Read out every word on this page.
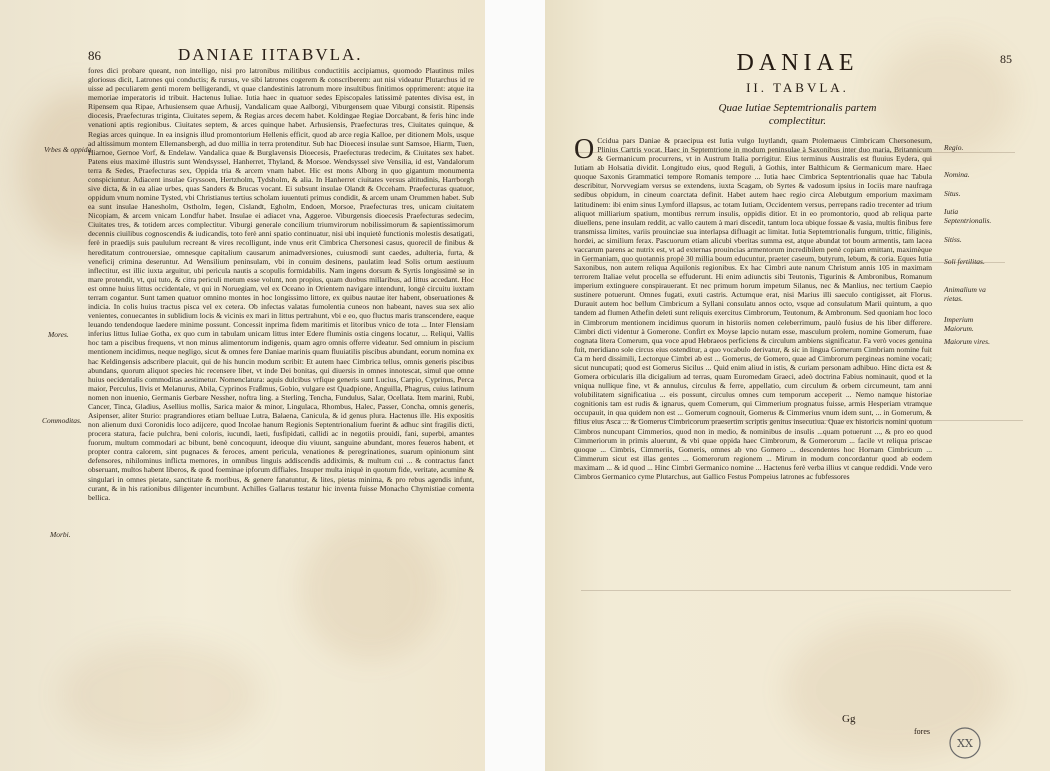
86	DANIAE IITABVLA.
fores dici probare queant, non intelligo, nisi pro latronibus militibus conductitiis accipiamus, quomodo Plautinus miles gloriosus dicit, Latrones qui conductis; & rursus, ve sibi latrones cogerem & conscriberem: aut nisi videatur Plutarchus id re uisse ad peculiarem genti morem belligerandi, vt quae clandestinis latronum more insultibus finitimos opprimerent: atque ita memoriae imperatoris id tribuit. Hactenus Iuliae. Iutia haec in quatuor sedes Episcopales latissimè patentes divisa est, in Ripensem qua Ripae, Arhusiensem quae Arhusij, Vandalicam quae Aalborgi, Viburgensem quae Viburgi consistit. Ripensis diocesis, Praefecturas triginta, Ciuitates sepem, & Regias arces decem habet. Koldingae Regiae Dorcabant, & feris hinc inde venationi aptis regionibus. Ciuitates septem, & arces quinque habet. Arhusiensis, Praefecturas tres, Ciuitates quinque, & Regias arces quinque. In ea insignis illud promontorium Hellenis efficit, quod ab arce regia Kalloe, per ditionem Mols, usque ad altissimum montem Ellemansbergh, ad duo millia in terra protenditur. Sub hac Dioecesi insulae sunt Samsoe, Hiarm, Tuen, Hiarnoe, Gernoe Vorf, & Endelaw. Vandalica quae & Burglavensis Dioecesis, Praefecturas tredecim, & Ciuitates sex habet. Patens eius maximè illustris sunt Wendsyssel, Hanherret, Thyland, & Morsoe. Wendsyssel sive Vensilia, id est, Vandalorum terra & Sedes, Praefecturas sex, Oppida tria & arcem vnam habet. Hic est mons Alborg in quo gigantum monumenta conspiciuntur. Adiacent insulae Gryssoen, Hertzholm, Tydsholm, & alia. In Hanherret ciuitates versus altitudinis, Harrborgh sive dicta, & in ea aliae urbes, quas Sanders & Brucas vocant. Ei subsunt insulae Olandt & Occeham. Praefecturas quatuor, oppidum vnum nomine Tysted, vbi Christianus tertius scholam iuuentuti primus condidit, & arcem unam Orummen habet. Sub ea sunt insulae Hanesholm, Ostholm, Iegen, Cislandt, Egholm, Endoen, Morsoe, Praefecturas tres, unicam ciuitatem Nicopiam, & arcem vnicam Londfur habet. Insulae ei adiacet vna, Aggeroe. Viburgensis dioecesis Praefecturas sedecim, Ciuitates tres, & totidem arces complectitur. Viburgi generale concilium triumvirorum nobilissimorum & sapientissimorum decennis ciuilibus cognoscendis & iudicandis, toto ferè anni spatio continuatur, nisi ubi inquietè functionis molestis desatigati, ferè in praedijs suis paululum recreant & vires recolligunt, inde vnus erit Cimbrica Chersonesi casus, quorecil de finibus & hereditatum controuersiae, omnesque capitalium causarum animadversiones, cuiusmodi sunt caedes, adulteria, furta, & veneficij crimina deseruntur. Ad Wensilium peninsulam, vbi in conuim desinens, paulatim lead Solis ortum aestiuum inflectitur, est illic iuxta arguitur, ubi pericula nautis a scopulis formidabilis. Nam ingens dorsum & Syrtis longissimè se in mare protendit, vt, qui tuto, & citra periculi metum esse volunt, non propius, quam duobus millaribus, ad littus accedant. Hoc est omne huius littus occidentale, vt qui in Noruegiam, vel ex Oceano in Orientem navigare intendunt, longè circuitu iuxtam terram cogantur. Sunt tamen quatuor omnino montes in hoc longissimo littore, ex quibus nautae iter habent, obseruationes & indicia. In colis huius tractus pisca vel ex cetera. Ob infectas valatas fumolentia cuneos non habeant, naves sua sex alio venientes, conuecantes in sublidium locis & vicinis ex mari in littus pertrahunt, vbi e eo, quo fluctus maris transcendere, eaque leuando tendendoque laedere minime possunt. Concessit inprima fidem maritimis et litoribus vnico de tota ... Inter Flensiam inferius littus Iuliae Gotha, ex quo cum in tabulam unicam littus inter Edere fluminis ostia cingens locatur, ... Reliqui, Vallis hoc tam a piscibus frequens, vt non minus alimentorum indigenis, quam agro omnis offerre videatur. Sed omnium in piscium mentionem incidimus, neque negligo, sicut & omnes fere Daniae marinis quam fluuiatilis piscibus abundant, eorum nomina ex hac Keldingensis adscribere placuit, qui de his huncin modum scribit: Et autem haec Cimbrica tellus, omnis generis piscibus abundans, quorum aliquot species hic recensere libet, vt inde Dei bonitas, qui diuersis in omnes innotescat, simul que omne huius oecidentalis commoditas aestimetur. Nomenclatura: aquis dulcibus vrfique generis sunt Lucius, Carpio, Cyprinus, Perca maior, Perculus, Ilvis et Melanurus, Abila, Cyprinos Fraßmus, Gobio, vulgare est Quadpione, Anguilla, Phagrus, cuius latinum nomen non inuenio, Germanis Gerbare Nessher, noftra ling. a Sterling, Tencha, Fundulus, Salar, Ocellata. Item marini, Rubi, Cancer, Tinca, Gladius, Asellius mollis, Sarica maior & minor, Lingulaca, Rhombus, Halec, Passer, Concha, omnis generis, Asipenser, aliter Sturio: pragrandiores etiam belluae Lutra, Balaena, Canicula, & id genus plura. Hactenus ille. His expositis non alienum duxi Coronidis loco adijcere, quod Incolae hanum Regionis Septentrionalium fuerint & adhuc sint fragilis dicti, procera statura, facie pulchra, beni coloris, iucundi, laeti, fusfipidati, callidi ac in negotiis prouidi, fani, superbi, amantes fuorum, multum commodari ac bibunt, benè concoquunt, ideoque diu viuunt, sanguine abundant, mores feueros habent, et propter contra calorem, sint pugnaces & feroces, ament pericula, venationes & peregrinationes, suarum opinionum sint defensores, nihilominus inflicta memores, in omnibus linguis addiscendis addiximis, & multum cui ... & contractus fanct obseruant, multos habent liberos, & quod foeminae ipforum diffiales. Insuper multa iniquè in quotum fide, veritate, acumine & singulari in omnes pietate, sanctitate & moribus, & genere fanatuntur, & lites, pietas minima, & pro rebus agendis infunt, curant, & in his rationibus diligenter incumbunt. Achilles Gallarus testatur hic inventa fuisse Monacho Chymistiae comenta bellica.
Vrbes & oppida.
Mores.
Commoditas.
Morbi.
85
DANIAE
II. TABVLA.
Quae Iutiae Septemtrionalis partem
complectitur.
O Ccidua pars Daniae & praecipua est Iutia vulgo Iuytlandt, quam Ptolemaeus Cimbricam Chersonesum, Plinius Cartris vocat. Haec in Septemtrione in modum peninsulae à Saxonibus inter duo maria, Britannicum & Germanicum procurrens, vt in Austrum Italia porrigitur. Eius terminus Australis est fluuius Eydera, qui Iutiam ab Holsatia dividit. Longitudo eius, quod Reguli, à Gothis, inter Balthicum & Germanicum mare. Haec quoque Saxonis Grammatici tempore Romanis tempore ... Iutia haec Cimbrica Septentrionalis quae hac Tabula describitur, Norvvegiam versus se extendens, iuxta Scagam, ob Syrtes & vadosum ipsius in Iociis mare naufraga sedibus obpidum, in cineum coarctata definit. Habet autem haec regio circa Alebutgum emporium maximam latitudinem: ibi enim sinus Lymford illapsus, ac totam Iutiam, Occidentem versus, perrepans radio trecenter ad trium aliquot milliarium spatium, montibus rerrum insulis, oppidis ditior. Et in eo promontorio, quod ab reliqua parte diuellens, pene insulam reddit, ac vallo cautem à mari discedit, tantum loca ubique fossae & vasia, multis finibus fere transmissa limites, variis prouinciae sua interlapsa difluagit ac limitat. Iutia Septemtrionalis fungum, trittic, filiginis, hordei, ac similium ferax. Pascuorum etiam alicubi vberitas summa est, atque abundat tot boum armentis, tam lacea vaccarum parens ac nutrix est, vt ad externas prouincias armentorum incredibilem penè copiam emittant, maximèque in Germaniam, quo quotannis propè 30 millia boum educuntur, praeter caseum, butyrum, lebum, & coria. Eques Iutia Saxonibus, non autem reliqua Aquilonis regionibus. Ex hac Cimbri aute nanum Christum annis 105 in maximam terrorem Italiae velut procella se effuderunt. Hi enim adiunctis sibi Teutonis, Tigurinis & Ambronibus, Romanum imperium extinguere conspirauerant. Et nec primum horum impetum Silanus, nec & Manlius, nec tertium Caepio sustinere potuerunt. Omnes fugati, exuti castris. Actumque erat, nisi Marius illi saeculo contigisset, ait Florus. Durauit autem hoc bellum Cimbricum a Syllani consulatu annos octo, vsque ad consulatum Marii quintum, a quo tandem ad flumen Athefin deleti sunt reliquis exercitus Cimbrorum, Teutonum, & Ambronum. Sed quoniam hoc loco in Cimbrorum mentionem incidimus quorum in historiis nomen celeberrimum, paulò fusius de his liber differere. Cimbri dicti videntur à Gomerone. Confirt ex Moyse lapcio nutam esse, masculum prolem, nomine Gomerum, fuae cognata litera Comerum, qua voce apud Hebraeos perficiens & circulum ambiens significatur. Fa verò voces genuina fuit, meridiano sole circus eius ostenditur, a quo vocabulo derivatur, & sic in lingua Gomerum Cimbriam nomine fuit Ca m herd dissimili, Lectorque Cimbri ab est ... Gomerus, de Gomero, quae ad Cimbrorum pergineas nomine vocati; sicut nuncupati; quod est Gomerus Sicilus ... Quid enim aliud in istis, & curiam personam adhibuo. Hinc dicta est & Gomera orbicularis illa dicigalium ad terras, quam Euromedam Graeci, adeò doctrina Fabius nominauit, quod et la vniqua nullique fine, vt & annulus, circulus & ferre, appellatio, cum circulum & orbem circumeunt, tam anni volubilitatem significatiua ... eis possunt, circulus omnes cum temporum acceperit ... Nemo namque historiae cognitionis tam est rudis & ignarus, quem Comerum, qui Cimmerium prognatus fuisse, armis Hesperiam vtramque occupauit, in qua quidem non est ... Gomerum cognouit, Gomerus & Cimmerius vnum idem sunt, ... in Gomerum, & filius eius Asca ... & Gomerus Cimbricorum praesertim scriptis genitus insecutiua. Quae ex historicis nomini quotum Cimbros nuncupant Cimmerios, quod non in medio, & nominibus de insulis ...quam potuerunt ..., & pro eo quod Cimmeriorum in primis aluerunt, & vbi quae oppida haec Cimbrorum, & Gomerorum ... facile vt reliqua priscae quoque ... Cimbris, Cimmeriis, Gomeris, omnes ab vno Gomero ... descendentes hoc Hornam Cimbricum ... Cimmerum sicut est illas gentes ... Gomerorum regionem ... Mirum in modum concordantur quod ab eodem maximam ... & id quod ... Hinc Cimbri Germanico nomine ... Hactenus ferè verba illius vt canque reddidi. Vnde vero Cimbros Germanico cyme Plutarchus, aut Gallico Festus Pompeius latrones ac fubfessores
Regio.
Nomina.
Situs.
Iutia Septentrionalis.
Sitiss.
Soli fertilitas.
Animalium va rietas.
Imperium Maiorum.
Maiorum vires.
Gg
fores
XX
